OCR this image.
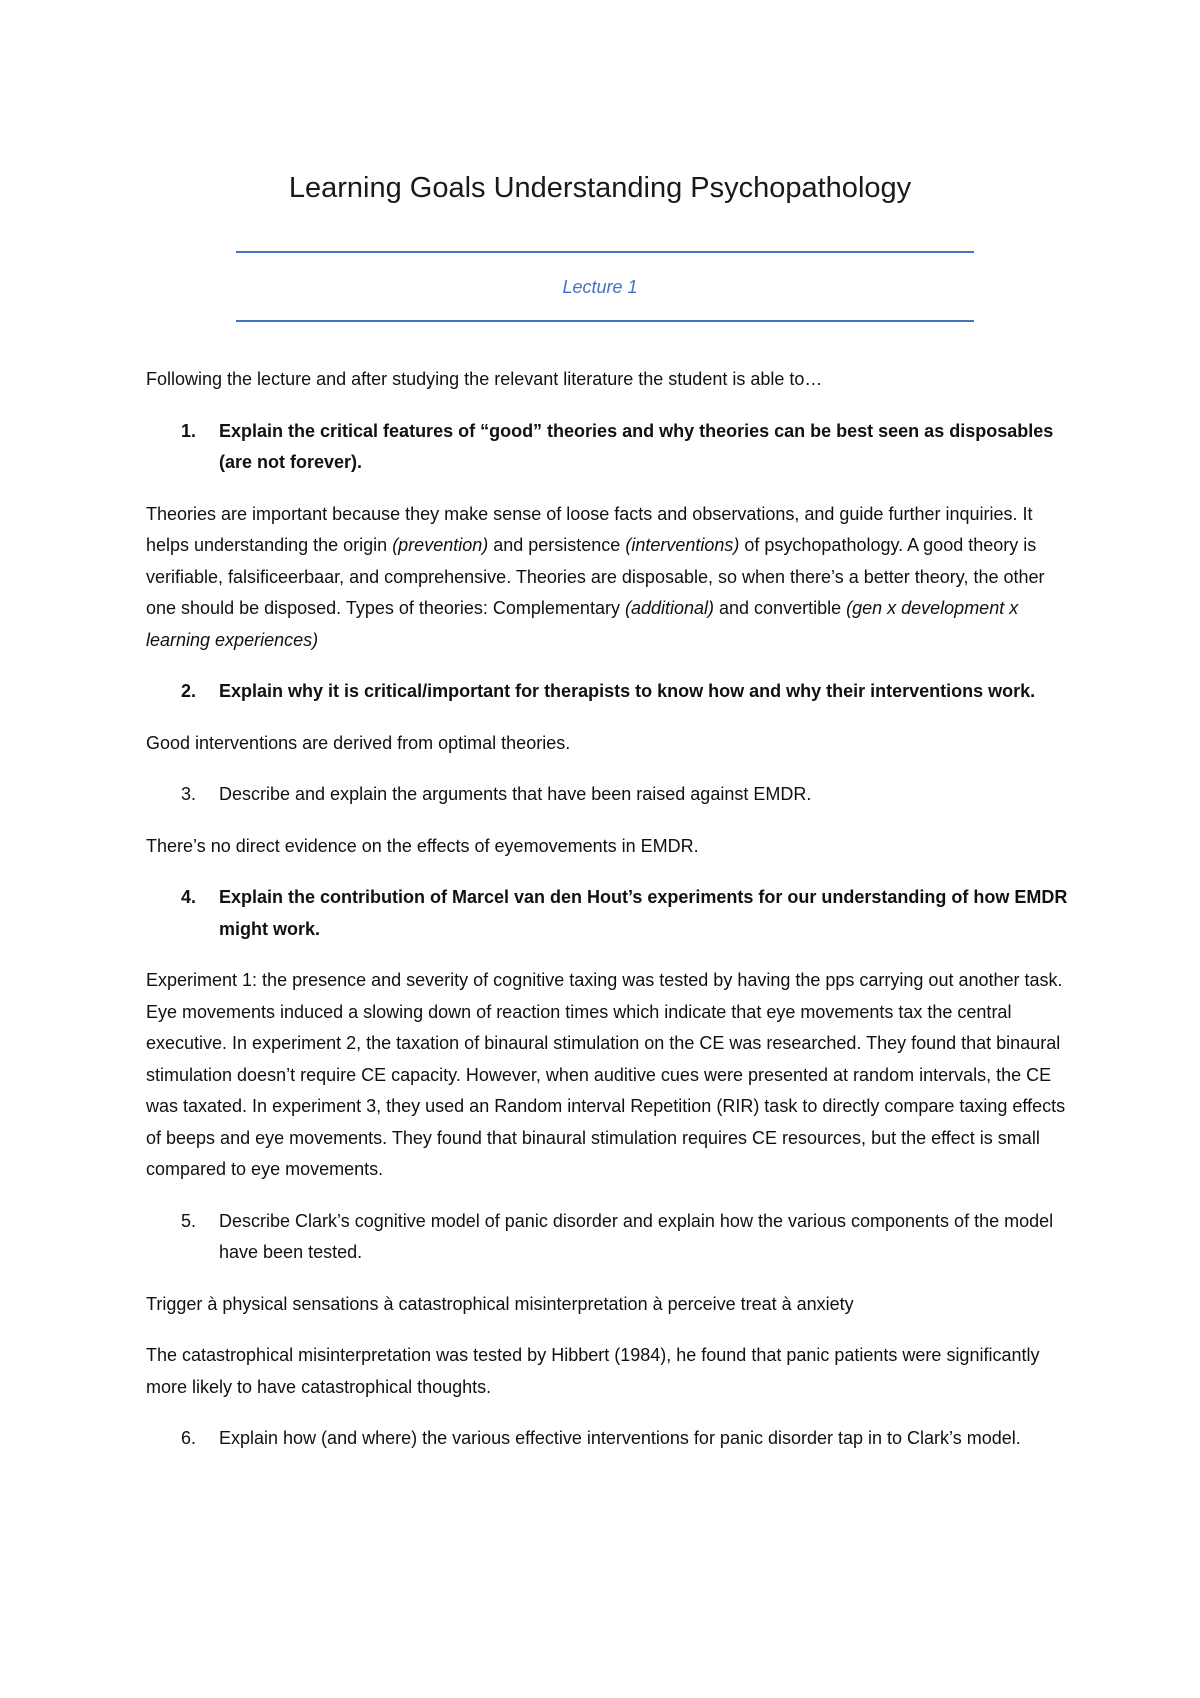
Learning Goals Understanding Psychopathology
Lecture 1

Following the lecture and after studying the relevant literature the student is able to…

1.	Explain the critical features of “good” theories and why theories can be best seen as disposables (are not forever).

Theories are important because they make sense of loose facts and observations, and guide further inquiries. It helps understanding the origin (prevention) and persistence (interventions) of psychopathology. A good theory is verifiable, falsificeerbaar, and comprehensive. Theories are disposable, so when there’s a better theory, the other one should be disposed. Types of theories: Complementary (additional) and convertible (gen x development x learning experiences)

2.	Explain why it is critical/important for therapists to know how and why their interventions work.

Good interventions are derived from optimal theories.

3.	Describe and explain the arguments that have been raised against EMDR.

There’s no direct evidence on the effects of eyemovements in EMDR.

4.	Explain the contribution of Marcel van den Hout’s experiments for our understanding of how EMDR might work.

Experiment 1: the presence and severity of cognitive taxing was tested by having the pps carrying out another task. Eye movements induced a slowing down of reaction times which indicate that eye movements tax the central executive. In experiment 2, the taxation of binaural stimulation on the CE was researched. They found that binaural stimulation doesn’t require CE capacity. However, when auditive cues were presented at random intervals, the CE was taxated. In experiment 3, they used an Random interval Repetition (RIR) task to directly compare taxing effects of beeps and eye movements. They found that binaural stimulation requires CE resources, but the effect is small compared to eye movements.

5.	Describe Clark’s cognitive model of panic disorder and explain how the various components of the model have been tested.

Trigger à physical sensations à catastrophical misinterpretation à perceive treat à anxiety

The catastrophical misinterpretation was tested by Hibbert (1984), he found that panic patients were significantly more likely to have catastrophical thoughts.

6.	Explain how (and where) the various effective interventions for panic disorder tap in to Clark’s model.
